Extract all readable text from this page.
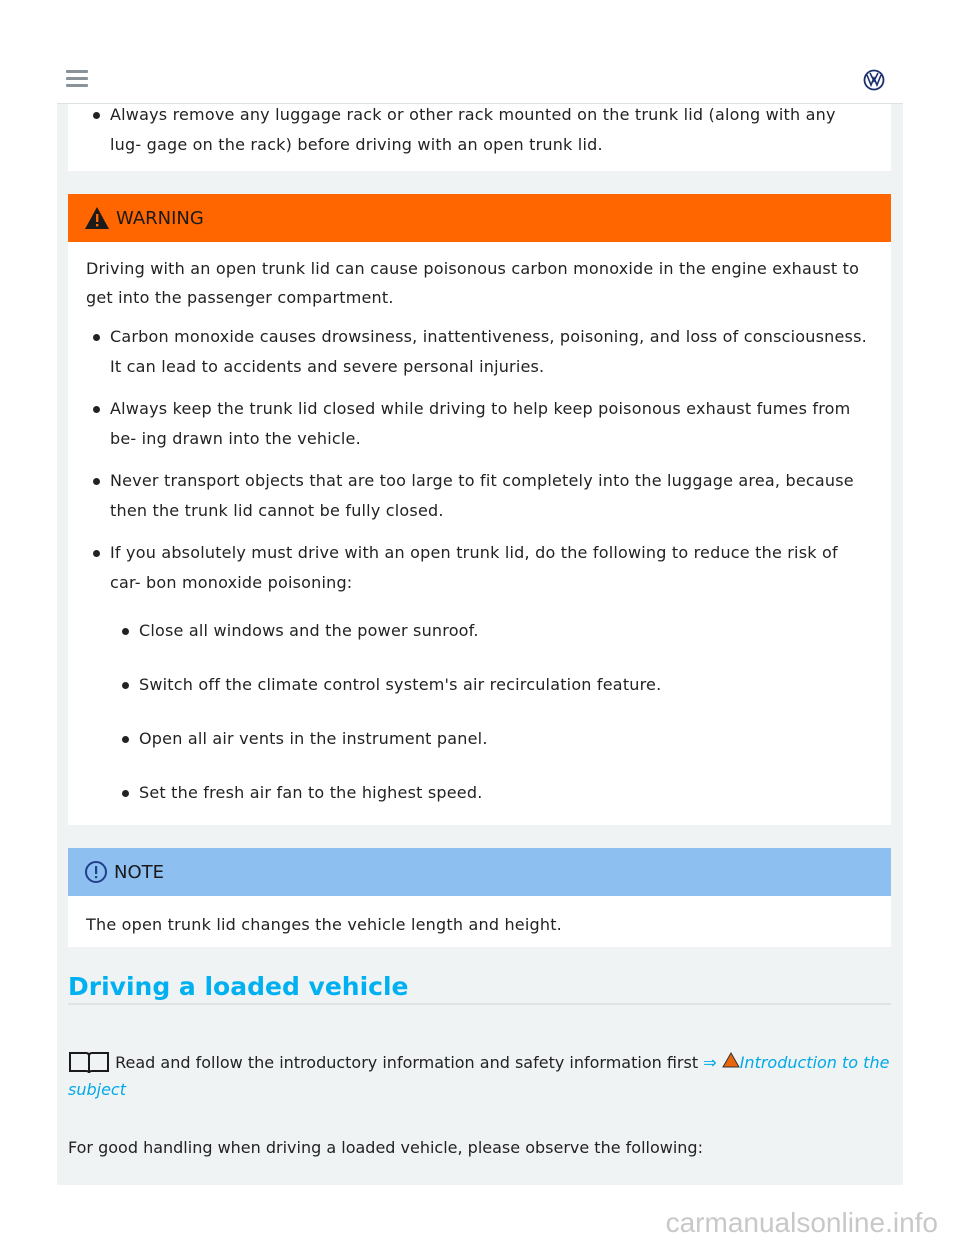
Always remove any luggage rack or other rack mounted on the trunk lid (along with any lug- gage on the rack) before driving with an open trunk lid.
WARNING

Driving with an open trunk lid can cause poisonous carbon monoxide in the engine exhaust to get into the passenger compartment.

Carbon monoxide causes drowsiness, inattentiveness, poisoning, and loss of consciousness. It can lead to accidents and severe personal injuries.
Always keep the trunk lid closed while driving to help keep poisonous exhaust fumes from be- ing drawn into the vehicle.
Never transport objects that are too large to fit completely into the luggage area, because then the trunk lid cannot be fully closed.
If you absolutely must drive with an open trunk lid, do the following to reduce the risk of car- bon monoxide poisoning:
Close all windows and the power sunroof.
Switch off the climate control system's air recirculation feature.
Open all air vents in the instrument panel.
Set the fresh air fan to the highest speed.
NOTE

The open trunk lid changes the vehicle length and height.

Driving a loaded vehicle
Read and follow the introductory information and safety information first ⇒ Introduction to the subject
For good handling when driving a loaded vehicle, please observe the following:
carmanualsonline.info
